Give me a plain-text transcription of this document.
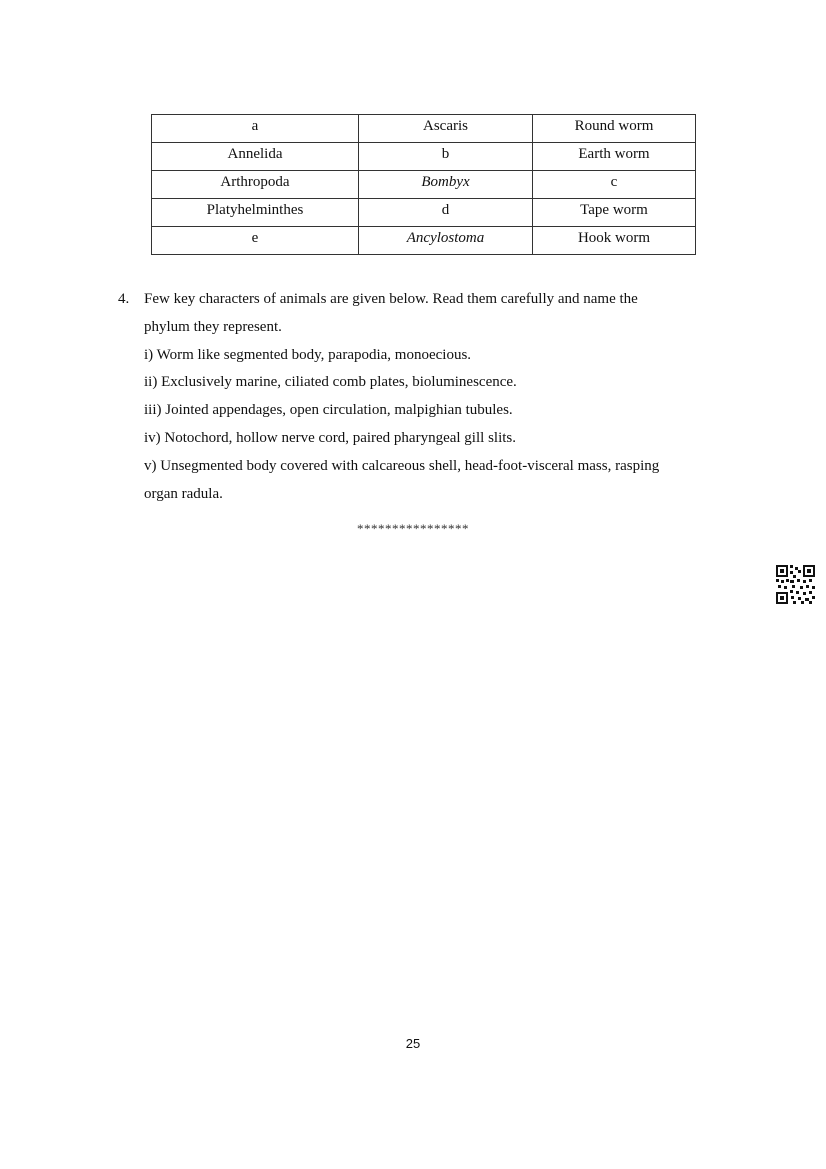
a	Ascaris	Round worm
Annelida	b	Earth worm
Arthropoda	Bombyx	c
Platyhelminthes	d	Tape worm
e	Ancylostoma	Hook worm
4. Few key characters of animals are given below. Read them carefully and name the
phylum they represent.
i) Worm like segmented body, parapodia, monoecious.
ii) Exclusively marine, ciliated comb plates, bioluminescence.
iii) Jointed appendages, open circulation, malpighian tubules.
iv) Notochord, hollow nerve cord, paired pharyngeal gill slits.
v) Unsegmented body covered with calcareous shell, head-foot-visceral mass, rasping
organ radula.
****************
25
